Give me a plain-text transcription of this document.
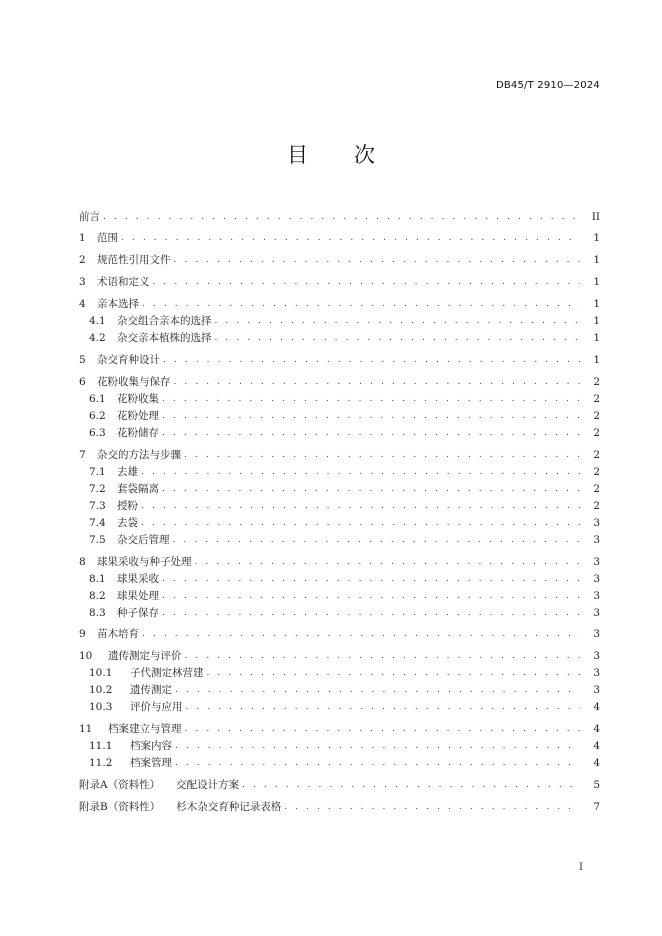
DB45/T 2910—2024
目次
前言 . . .	II
1	范围 . . .	1
2	规范性引用文件 . . .	1
3	术语和定义 . . .	1
4	亲本选择 . . .	1
4.1	杂交组合亲本的选择 . . .	1
4.2	杂交亲本植株的选择 . . .	1
5	杂交育种设计 . . .	1
6	花粉收集与保存 . . .	2
6.1	花粉收集 . . .	2
6.2	花粉处理 . . .	2
6.3	花粉储存 . . .	2
7	杂交的方法与步骤 . . .	2
7.1	去雄 . . .	2
7.2	套袋隔离 . . .	2
7.3	授粉 . . .	2
7.4	去袋 . . .	3
7.5	杂交后管理 . . .	3
8	球果采收与种子处理 . . .	3
8.1	球果采收 . . .	3
8.2	球果处理 . . .	3
8.3	种子保存 . . .	3
9	苗木培育 . . .	3
10	遗传测定与评价 . . .	3
10.1	子代测定林营建 . . .	3
10.2	遗传测定 . . .	3
10.3	评价与应用 . . .	4
11	档案建立与管理 . . .	4
11.1	档案内容 . . .	4
11.2	档案管理 . . .	4
附录A（资料性）	交配设计方案 . . .	5
附录B（资料性）	杉木杂交育种记录表格 . . .	7
I
